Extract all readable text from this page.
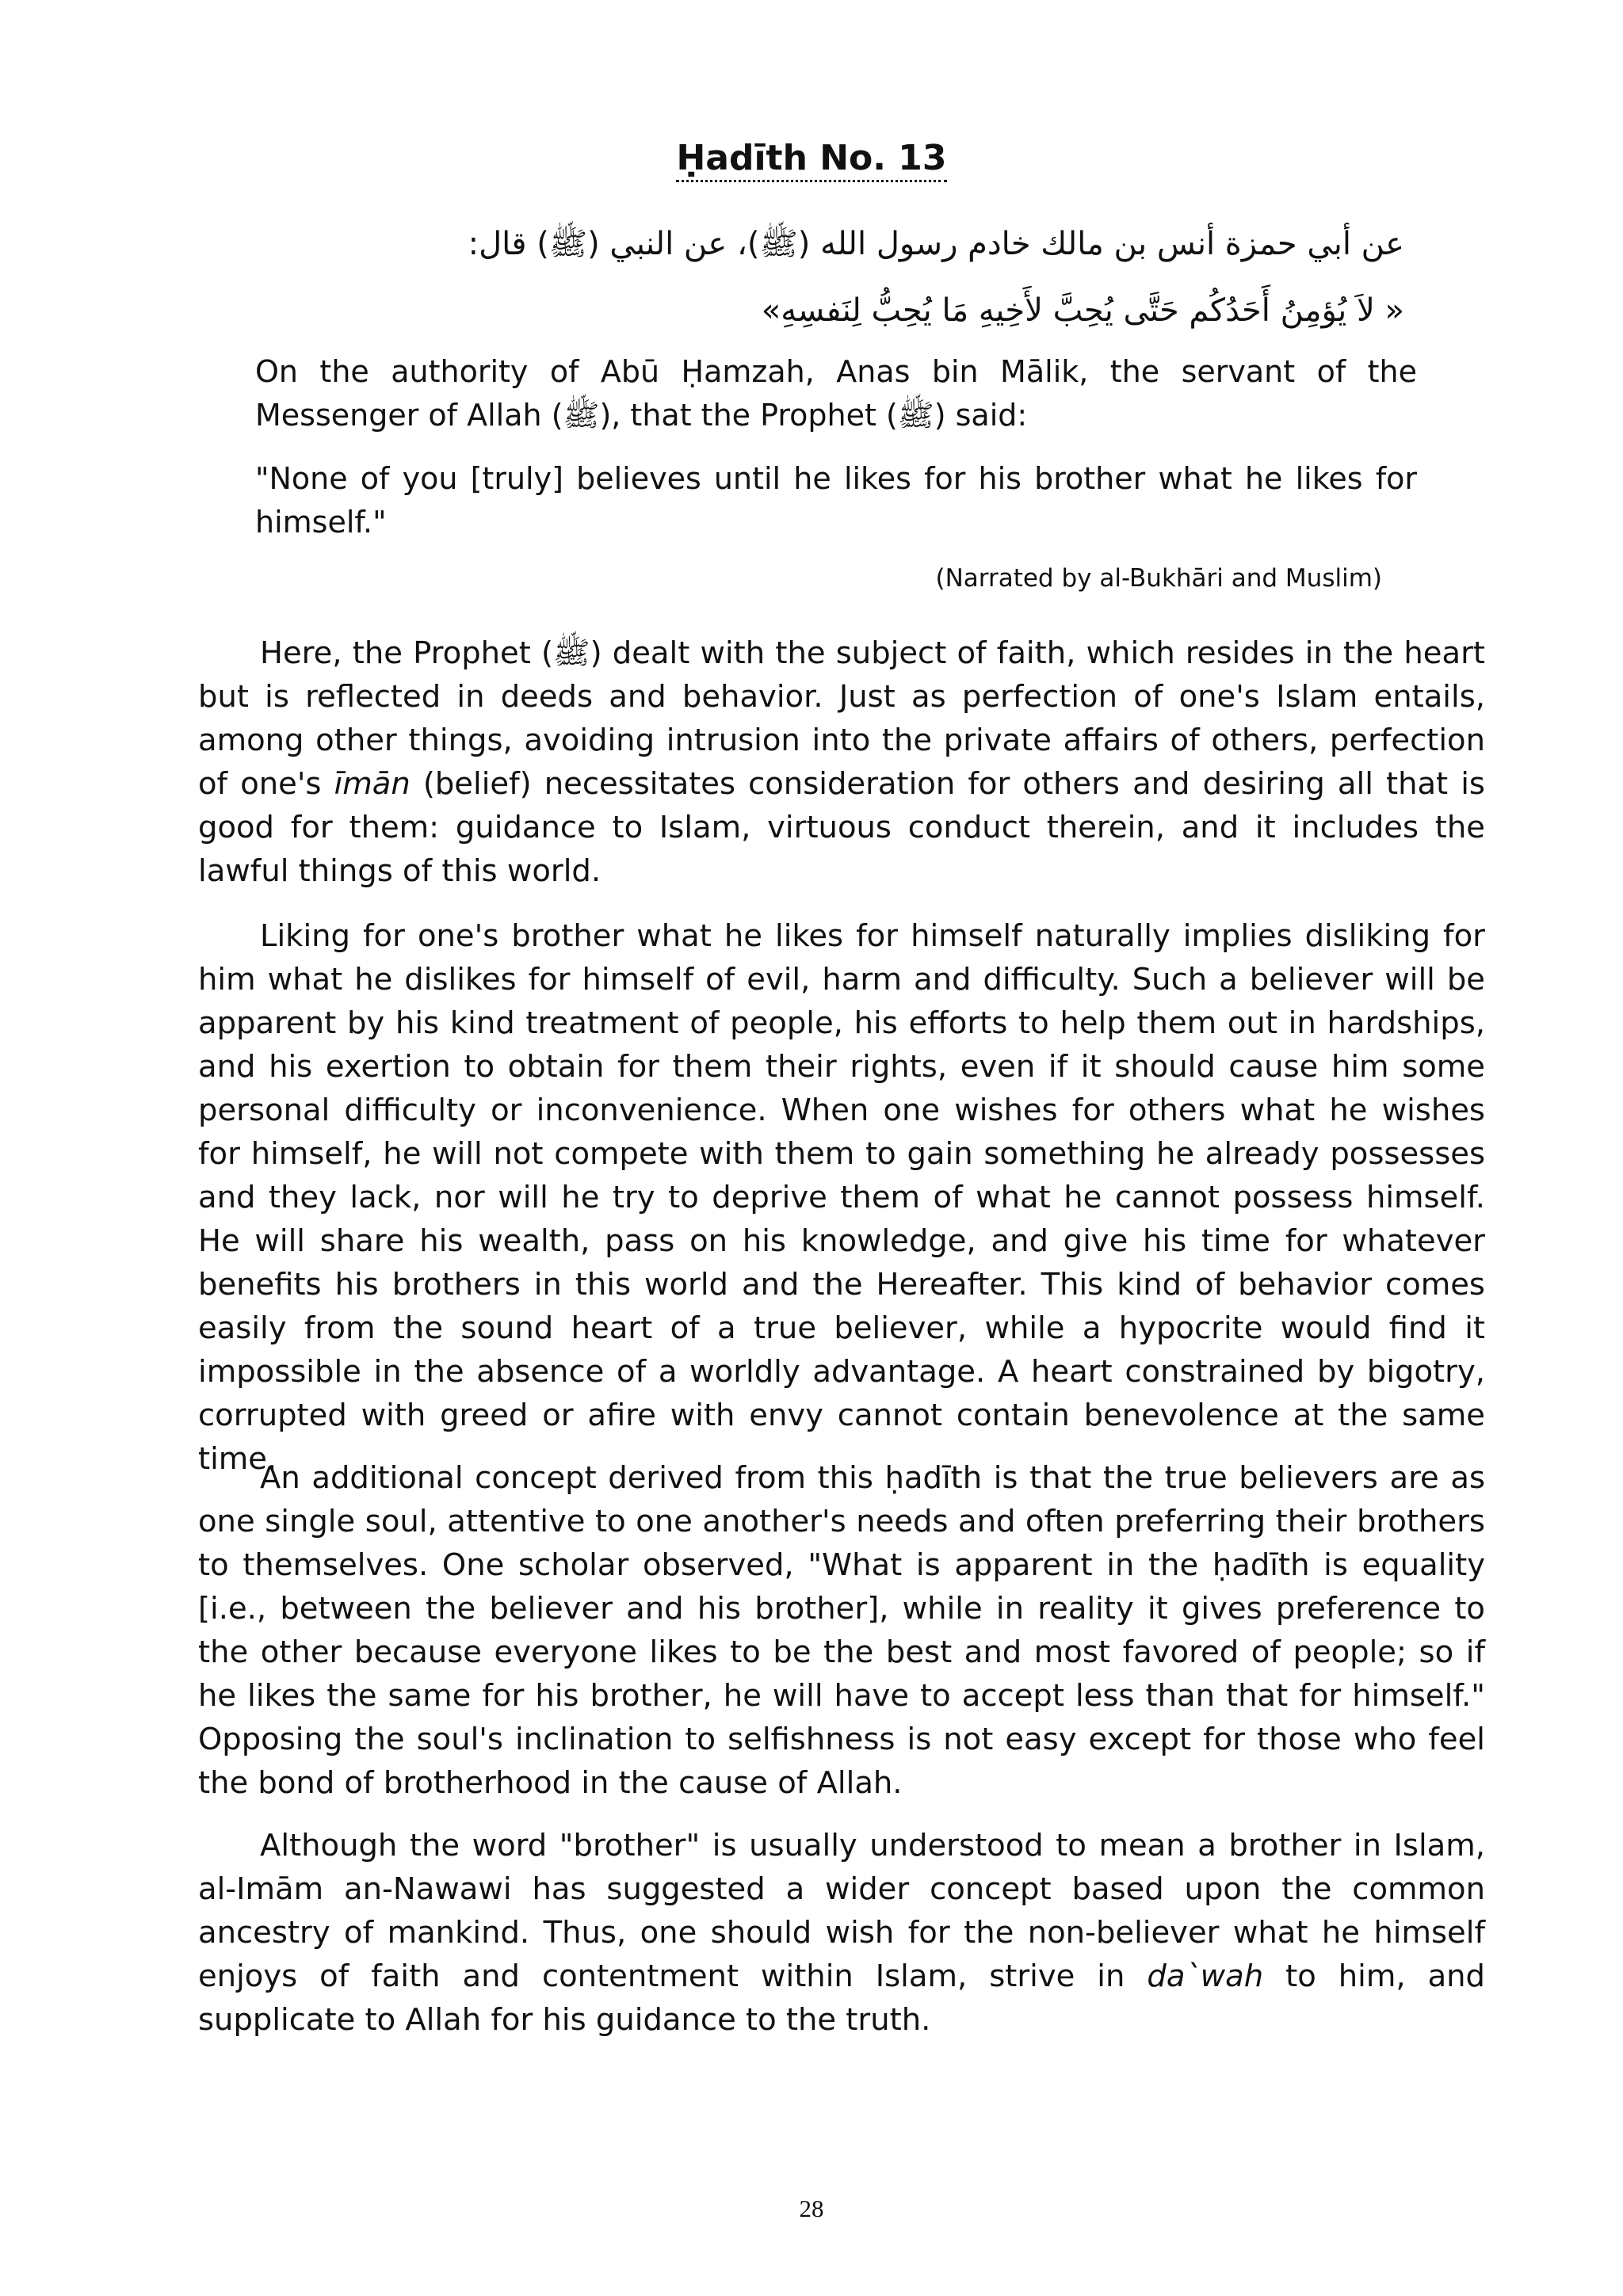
Ḥadīth No. 13

عن أبي حمزة أنس بن مالك خادم رسول الله (ﷺ)، عن النبي (ﷺ) قال:

« لاَ يُؤمِنُ أَحَدُكُم حَتَّى يُحِبَّ لأَخِيهِ مَا يُحِبُّ لِنَفسِهِ»

On the authority of Abū Ḥamzah, Anas bin Mālik, the servant of the Messenger of Allah (ﷺ), that the Prophet (ﷺ) said:

"None of you [truly] believes until he likes for his brother what he likes for himself."

(Narrated by al-Bukhāri and Muslim)

Here, the Prophet (ﷺ) dealt with the subject of faith, which resides in the heart but is reflected in deeds and behavior. Just as perfection of one's Islam entails, among other things, avoiding intrusion into the private affairs of others, perfection of one's īmān (belief) necessitates consideration for others and desiring all that is good for them: guidance to Islam, virtuous conduct therein, and it includes the lawful things of this world.

Liking for one's brother what he likes for himself naturally implies disliking for him what he dislikes for himself of evil, harm and difficulty. Such a believer will be apparent by his kind treatment of people, his efforts to help them out in hardships, and his exertion to obtain for them their rights, even if it should cause him some personal difficulty or inconvenience. When one wishes for others what he wishes for himself, he will not compete with them to gain something he already possesses and they lack, nor will he try to deprive them of what he cannot possess himself. He will share his wealth, pass on his knowledge, and give his time for whatever benefits his brothers in this world and the Hereafter. This kind of behavior comes easily from the sound heart of a true believer, while a hypocrite would find it impossible in the absence of a worldly advantage. A heart constrained by bigotry, corrupted with greed or afire with envy cannot contain benevolence at the same time.

An additional concept derived from this ḥadīth is that the true believers are as one single soul, attentive to one another's needs and often preferring their brothers to themselves. One scholar observed, "What is apparent in the ḥadīth is equality [i.e., between the believer and his brother], while in reality it gives preference to the other because everyone likes to be the best and most favored of people; so if he likes the same for his brother, he will have to accept less than that for himself." Opposing the soul's inclination to selfishness is not easy except for those who feel the bond of brotherhood in the cause of Allah.

Although the word "brother" is usually understood to mean a brother in Islam, al-Imām an-Nawawi has suggested a wider concept based upon the common ancestry of mankind. Thus, one should wish for the non-believer what he himself enjoys of faith and contentment within Islam, strive in da`wah to him, and supplicate to Allah for his guidance to the truth.

28
